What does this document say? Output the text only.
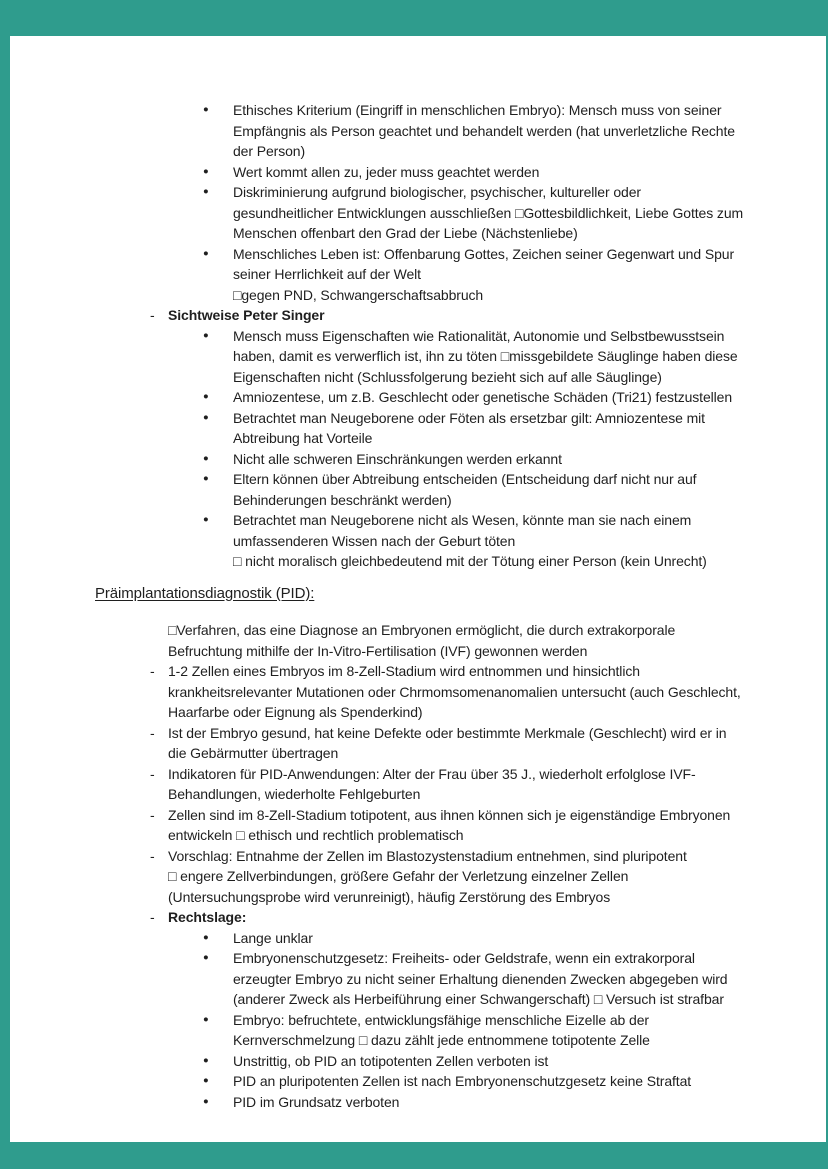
● Ethisches Kriterium (Eingriff in menschlichen Embryo): Mensch muss von seiner Empfängnis als Person geachtet und behandelt werden (hat unverletzliche Rechte der Person)
● Wert kommt allen zu, jeder muss geachtet werden
● Diskriminierung aufgrund biologischer, psychischer, kultureller oder gesundheitlicher Entwicklungen ausschließen □Gottesbildlichkeit, Liebe Gottes zum Menschen offenbart den Grad der Liebe (Nächstenliebe)
● Menschliches Leben ist: Offenbarung Gottes, Zeichen seiner Gegenwart und Spur seiner Herrlichkeit auf der Welt
□gegen PND, Schwangerschaftsabbruch
- Sichtweise Peter Singer
● Mensch muss Eigenschaften wie Rationalität, Autonomie und Selbstbewusstsein haben, damit es verwerflich ist, ihn zu töten □missgebildete Säuglinge haben diese Eigenschaften nicht (Schlussfolgerung bezieht sich auf alle Säuglinge)
● Amniozentese, um z.B. Geschlecht oder genetische Schäden (Tri21) festzustellen
● Betrachtet man Neugeborene oder Föten als ersetzbar gilt: Amniozentese mit Abtreibung hat Vorteile
● Nicht alle schweren Einschränkungen werden erkannt
● Eltern können über Abtreibung entscheiden (Entscheidung darf nicht nur auf Behinderungen beschränkt werden)
● Betrachtet man Neugeborene nicht als Wesen, könnte man sie nach einem umfassenderen Wissen nach der Geburt töten
□ nicht moralisch gleichbedeutend mit der Tötung einer Person (kein Unrecht)
Präimplantationsdiagnostik (PID):
□Verfahren, das eine Diagnose an Embryonen ermöglicht, die durch extrakorporale Befruchtung mithilfe der In-Vitro-Fertilisation (IVF) gewonnen werden
- 1-2 Zellen eines Embryos im 8-Zell-Stadium wird entnommen und hinsichtlich krankheitsrelevanter Mutationen oder Chrmomsomenanomalien untersucht (auch Geschlecht, Haarfarbe oder Eignung als Spenderkind)
- Ist der Embryo gesund, hat keine Defekte oder bestimmte Merkmale (Geschlecht) wird er in die Gebärmutter übertragen
- Indikatoren für PID-Anwendungen: Alter der Frau über 35 J., wiederholt erfolglose IVF-Behandlungen, wiederholte Fehlgeburten
- Zellen sind im 8-Zell-Stadium totipotent, aus ihnen können sich je eigenständige Embryonen entwickeln □ ethisch und rechtlich problematisch
- Vorschlag: Entnahme der Zellen im Blastozystenstadium entnehmen, sind pluripotent
□ engere Zellverbindungen, größere Gefahr der Verletzung einzelner Zellen (Untersuchungsprobe wird verunreinigt), häufig Zerstörung des Embryos
- Rechtslage:
● Lange unklar
● Embryonenschutzgesetz: Freiheits- oder Geldstrafe, wenn ein extrakorporal erzeugter Embryo zu nicht seiner Erhaltung dienenden Zwecken abgegeben wird (anderer Zweck als Herbeiführung einer Schwangerschaft) □ Versuch ist strafbar
● Embryo: befruchtete, entwicklungsfähige menschliche Eizelle ab der Kernverschmelzung □ dazu zählt jede entnommene totipotente Zelle
● Unstrittig, ob PID an totipotenten Zellen verboten ist
● PID an pluripotenten Zellen ist nach Embryonenschutzgesetz keine Straftat
● PID im Grundsatz verboten
